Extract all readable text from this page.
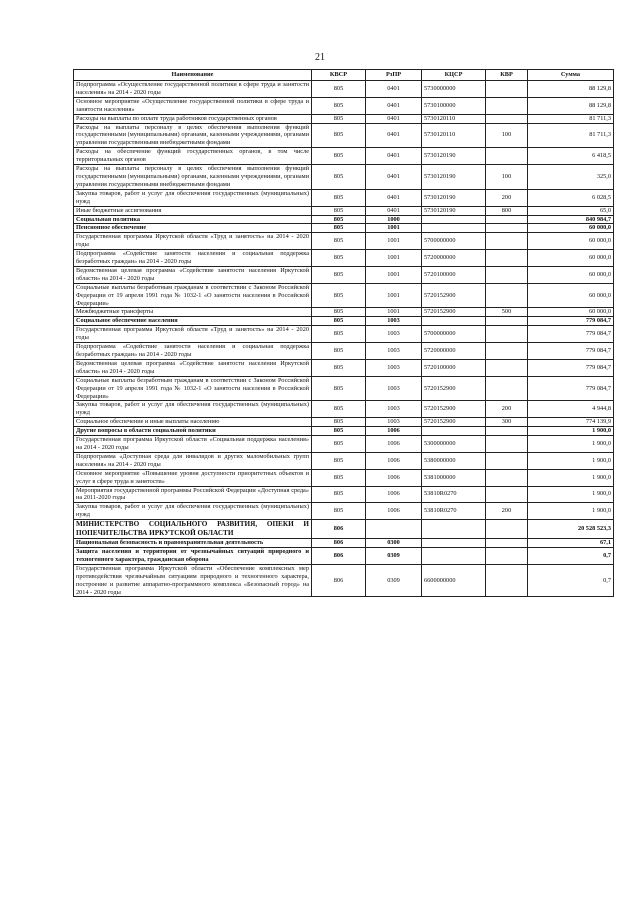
21
Наименование	КВСР	РзПР	КЦСР	КВР	Сумма
Подпрограмма «Осуществление государственной политики в сфере труда и занятости населения» на 2014 - 2020 годы	805	0401	5730000000		88 129,8
Основное мероприятие «Осуществление государственной политики в сфере труда и занятости населения»	805	0401	5730100000		88 129,8
Расходы на выплаты по оплате труда работников государственных органов	805	0401	5730120110		81 711,3
Расходы на выплаты персоналу в целях обеспечения выполнения функций государственными (муниципальными) органами, казенными учреждениями, органами управления государственными внебюджетными фондами	805	0401	5730120110	100	81 711,3
Расходы на обеспечение функций государственных органов, в том числе территориальных органов	805	0401	5730120190		6 418,5
Расходы на выплаты персоналу в целях обеспечения выполнения функций государственными (муниципальными) органами, казенными учреждениями, органами управления государственными внебюджетными фондами	805	0401	5730120190	100	325,0
Закупка товаров, работ и услуг для обеспечения государственных (муниципальных) нужд	805	0401	5730120190	200	6 028,5
Иные бюджетные ассигнования	805	0401	5730120190	800	65,0
Социальная политика	805	1000			840 984,7
Пенсионное обеспечение	805	1001			60 000,0
Государственная программа Иркутской области «Труд и занятость» на 2014 - 2020 годы	805	1001	5700000000		60 000,0
Подпрограмма «Содействие занятости населения и социальная поддержка безработных граждан» на 2014 - 2020 годы	805	1001	5720000000		60 000,0
Ведомственная целевая программа «Содействие занятости населения Иркутской области» на 2014 - 2020 годы	805	1001	5720100000		60 000,0
Социальные выплаты безработным гражданам в соответствии с Законом Российской Федерации от 19 апреля 1991 года № 1032-1 «О занятости населения в Российской Федерации»	805	1001	5720152900		60 000,0
Межбюджетные трансферты	805	1001	5720152900	500	60 000,0
Социальное обеспечение населения	805	1003			779 084,7
Государственная программа Иркутской области «Труд и занятость» на 2014 - 2020 годы	805	1003	5700000000		779 084,7
Подпрограмма «Содействие занятости населения и социальная поддержка безработных граждан» на 2014 - 2020 годы	805	1003	5720000000		779 084,7
Ведомственная целевая программа «Содействие занятости населения Иркутской области» на 2014 - 2020 годы	805	1003	5720100000		779 084,7
Социальные выплаты безработным гражданам в соответствии с Законом Российской Федерации от 19 апреля 1991 года № 1032-1 «О занятости населения в Российской Федерации»	805	1003	5720152900		779 084,7
Закупка товаров, работ и услуг для обеспечения государственных (муниципальных) нужд	805	1003	5720152900	200	4 944,8
Социальное обеспечение и иные выплаты населению	805	1003	5720152900	300	774 139,9
Другие вопросы в области социальной политики	805	1006			1 900,0
Государственная программа Иркутской области «Социальная поддержка населения» на 2014 - 2020 годы	805	1006	5300000000		1 900,0
Подпрограмма «Доступная среда для инвалидов и других маломобильных групп населения» на 2014 - 2020 годы	805	1006	5380000000		1 900,0
Основное мероприятие «Повышение уровня доступности приоритетных объектов и услуг в сфере труда и занятости»	805	1006	5381000000		1 900,0
Мероприятия государственной программы Российской Федерации «Доступная среда» на 2011-2020 годы	805	1006	53810R0270		1 900,0
Закупка товаров, работ и услуг для обеспечения государственных (муниципальных) нужд	805	1006	53810R0270	200	1 900,0
МИНИСТЕРСТВО СОЦИАЛЬНОГО РАЗВИТИЯ, ОПЕКИ И ПОПЕЧИТЕЛЬСТВА ИРКУТСКОЙ ОБЛАСТИ	806				20 528 523,3
Национальная безопасность и правоохранительная деятельность	806	0300			67,1
Защита населения и территории от чрезвычайных ситуаций природного и техногенного характера, гражданская оборона	806	0309			0,7
Государственная программа Иркутской области «Обеспечение комплексных мер противодействия чрезвычайным ситуациям природного и техногенного характера, построение и развитие аппаратно-программного комплекса «Безопасный город» на 2014 - 2020 годы	806	0309	6600000000		0,7
